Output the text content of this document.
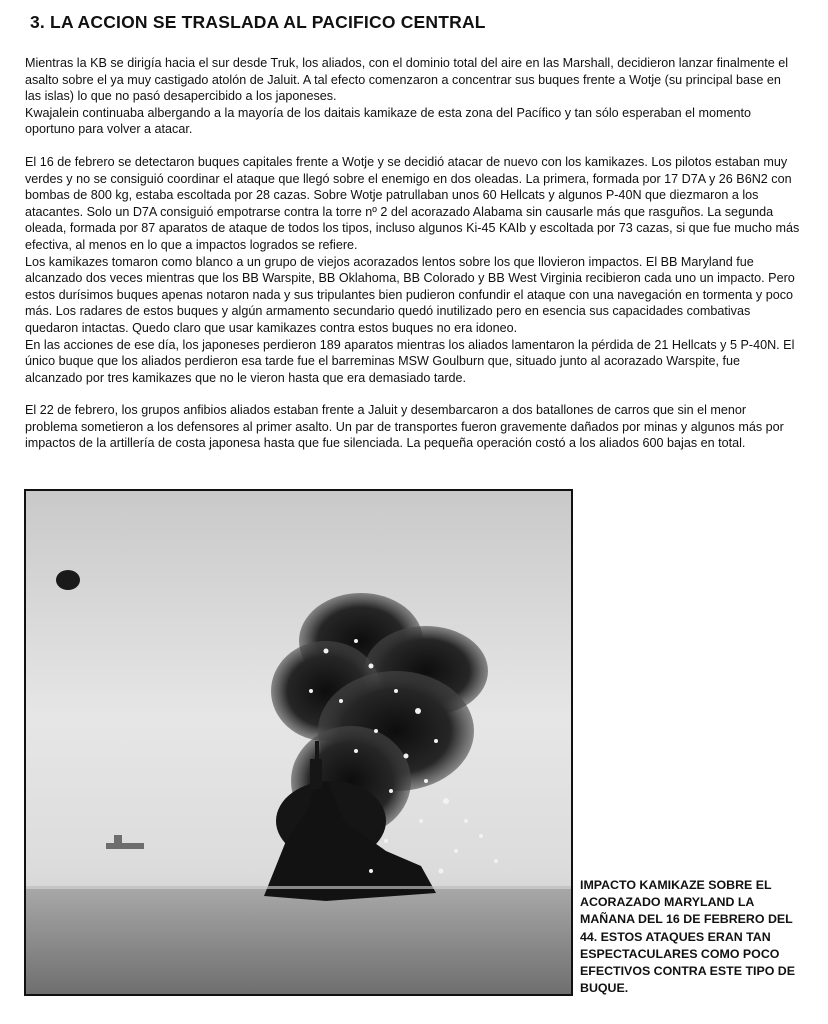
3. LA ACCION SE TRASLADA AL PACIFICO CENTRAL

Mientras la KB se dirigía hacia el sur desde Truk, los aliados, con el dominio total del aire en las Marshall, decidieron lanzar finalmente el asalto sobre el ya muy castigado atolón de Jaluit. A tal efecto comenzaron a concentrar sus buques frente a Wotje (su principal base en las islas) lo que no pasó desapercibido a los japoneses.

Kwajalein continuaba albergando a la mayoría de los daitais kamikaze de esta zona del Pacífico y tan sólo esperaban el momento oportuno para volver a atacar.

El 16 de febrero se detectaron buques capitales frente a Wotje y se decidió atacar de nuevo con los kamikazes. Los pilotos estaban muy verdes y no se consiguió coordinar el ataque que llegó sobre el enemigo en dos oleadas. La primera, formada por 17 D7A y 26 B6N2 con bombas de 800 kg, estaba escoltada por 28 cazas. Sobre Wotje patrullaban unos 60 Hellcats y algunos P-40N que diezmaron a los atacantes. Solo un D7A consiguió empotrarse contra la torre nº 2 del acorazado Alabama sin causarle más que rasguños. La segunda oleada, formada por 87 aparatos de ataque de todos los tipos, incluso algunos Ki-45 KAIb y escoltada por 73 cazas, si que fue mucho más efectiva, al menos en lo que a impactos logrados se refiere.

Los kamikazes tomaron como blanco a un grupo de viejos acorazados lentos sobre los que llovieron impactos. El BB Maryland fue alcanzado dos veces mientras que los BB Warspite, BB Oklahoma, BB Colorado y BB West Virginia recibieron cada uno un impacto. Pero estos durísimos buques apenas notaron nada y sus tripulantes bien pudieron confundir el ataque con una navegación en tormenta y poco más. Los radares de estos buques y algún armamento secundario quedó inutilizado pero en esencia sus capacidades combativas quedaron intactas. Quedo claro que usar kamikazes contra estos buques no era idoneo.

En las acciones de ese día, los japoneses perdieron 189 aparatos mientras los aliados lamentaron la pérdida de 21 Hellcats y 5 P-40N. El único buque que los aliados perdieron esa tarde fue el barreminas MSW Goulburn que, situado junto al acorazado Warspite, fue alcanzado por tres kamikazes que no le vieron hasta que era demasiado tarde.

El 22 de febrero, los grupos anfibios aliados estaban frente a Jaluit y desembarcaron a dos batallones de carros que sin el menor problema sometieron a los defensores al primer asalto. Un par de transportes fueron gravemente dañados por minas y algunos más por impactos de la artillería de costa japonesa hasta que fue silenciada. La pequeña operación costó a los aliados 600 bajas en total.

IMPACTO KAMIKAZE SOBRE EL ACORAZADO MARYLAND LA MAÑANA DEL 16 DE FEBRERO DEL 44. ESTOS ATAQUES ERAN TAN ESPECTACULARES COMO POCO EFECTIVOS CONTRA ESTE TIPO DE BUQUE.
